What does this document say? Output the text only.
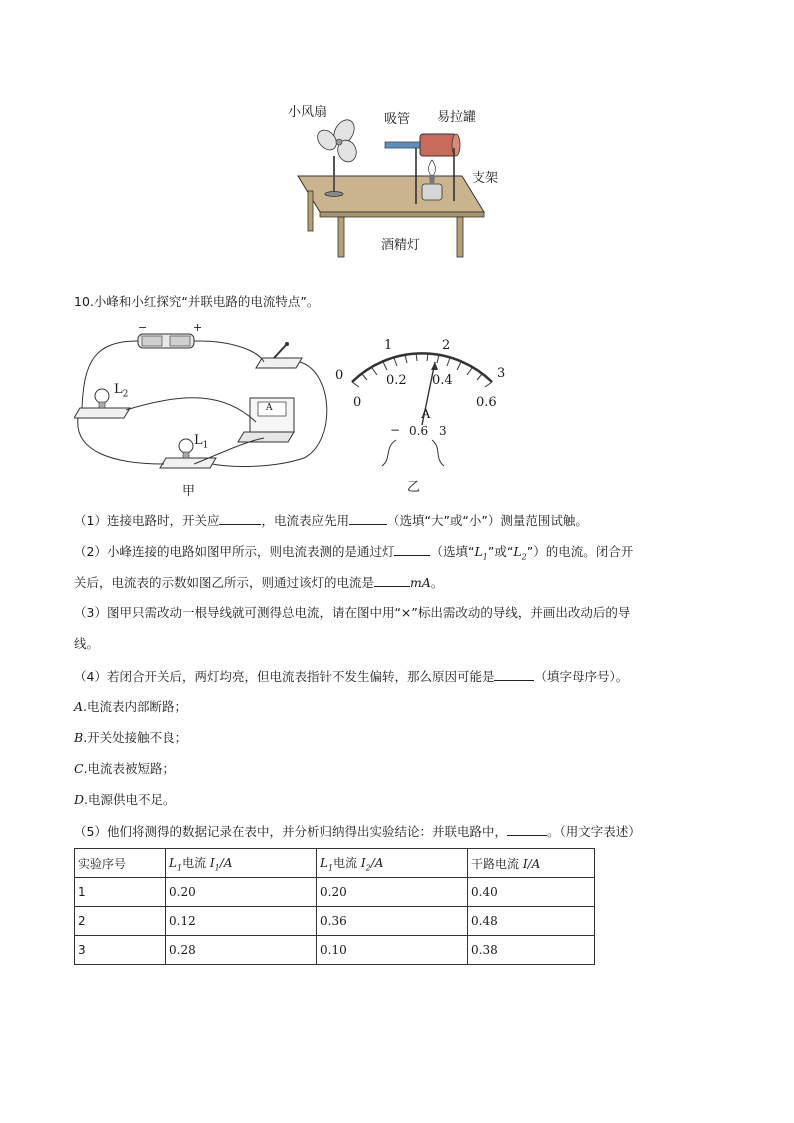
小风扇	吸管 易拉罐
支架
酒精灯
10.小峰和小红探究“并联电路的电流特点”。
−	+
$L_2$
$L_1$
A
甲
0
1	2
3
0
0.2 0.4
0.6
A
− 0.6 3
乙
（1）连接电路时，开关应	，电流表应先用	（选填“大”或“小”）测量范围试触。
（2）小峰连接的电路如图甲所示，则电流表测的是通过灯	（选填“$L_1$”或“$L_2$”）的电流。闭合开
关后，电流表的示数如图乙所示，则通过该灯的电流是	mA。
（3）图甲只需改动一根导线就可测得总电流，请在图中用“×”标出需改动的导线，并画出改动后的导
线。
（4）若闭合开关后，两灯均亮，但电流表指针不发生偏转，那么原因可能是	（填字母序号）。
A.电流表内部断路；
B.开关处接触不良；
C.电流表被短路；
D.电源供电不足。
（5）他们将测得的数据记录在表中，并分析归纳得出实验结论：并联电路中，	。（用文字表述）
实验序号	$L_1$电流 $I_1/A$	$L_1$电流 $I_2/A$	干路电流 I/A
1	0.20	0.20	0.40
2	0.12	0.36	0.48
3	0.28	0.10	0.38
